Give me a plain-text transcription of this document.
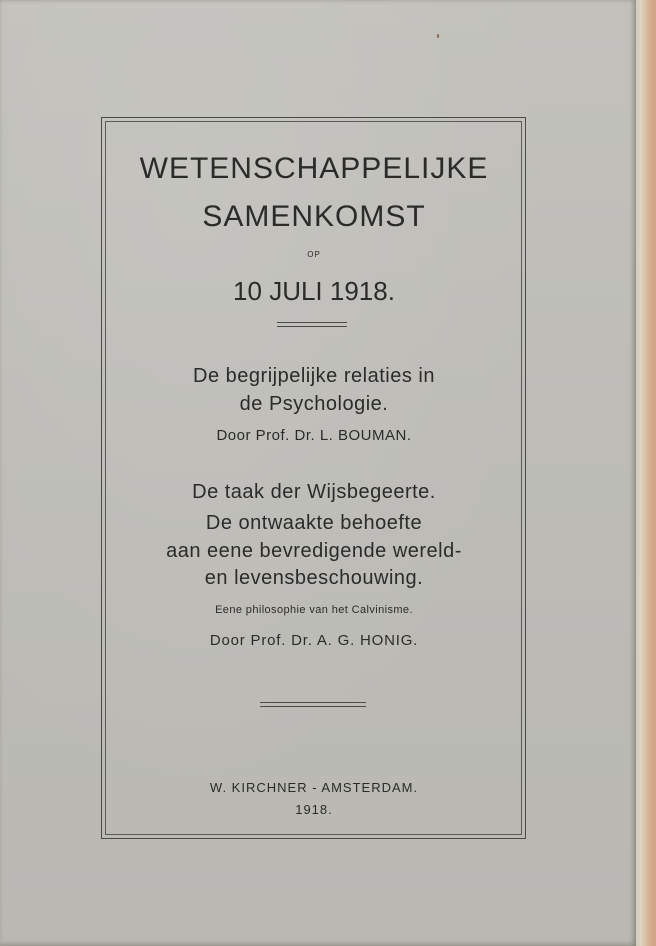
WETENSCHAPPELIJKE
SAMENKOMST
OP
10 JULI 1918.
De begrijpelijke relaties in
de Psychologie.
Door Prof. Dr. L. BOUMAN.
De taak der Wijsbegeerte.
De ontwaakte behoefte
aan eene bevredigende wereld-
en levensbeschouwing.
Eene philosophie van het Calvinisme.
Door Prof. Dr. A. G. HONIG.
W. KIRCHNER - AMSTERDAM.
1918.
